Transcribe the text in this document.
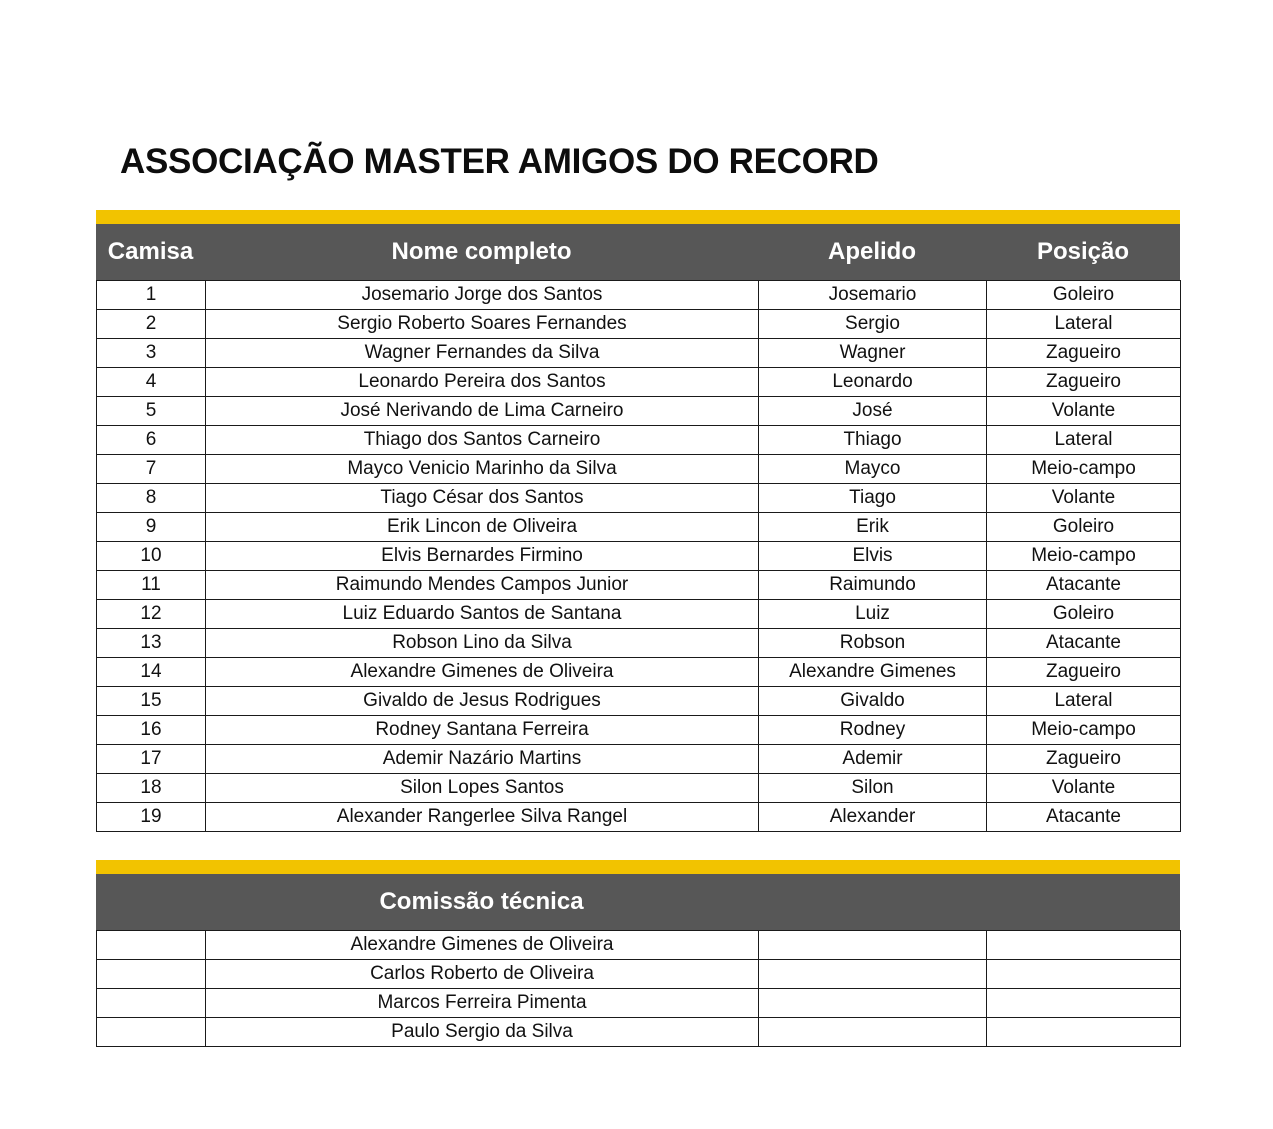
ASSOCIAÇÃO MASTER AMIGOS DO RECORD
Camisa	Nome completo	Apelido	Posição
1	Josemario Jorge dos Santos	Josemario	Goleiro
2	Sergio Roberto Soares Fernandes	Sergio	Lateral
3	Wagner Fernandes da Silva	Wagner	Zagueiro
4	Leonardo Pereira dos Santos	Leonardo	Zagueiro
5	José Nerivando de Lima Carneiro	José	Volante
6	Thiago dos Santos Carneiro	Thiago	Lateral
7	Mayco Venicio Marinho da Silva	Mayco	Meio-campo
8	Tiago César dos Santos	Tiago	Volante
9	Erik Lincon de Oliveira	Erik	Goleiro
10	Elvis Bernardes Firmino	Elvis	Meio-campo
11	Raimundo Mendes Campos Junior	Raimundo	Atacante
12	Luiz Eduardo Santos de Santana	Luiz	Goleiro
13	Robson Lino da Silva	Robson	Atacante
14	Alexandre Gimenes de Oliveira	Alexandre Gimenes	Zagueiro
15	Givaldo de Jesus Rodrigues	Givaldo	Lateral
16	Rodney Santana Ferreira	Rodney	Meio-campo
17	Ademir Nazário Martins	Ademir	Zagueiro
18	Silon Lopes Santos	Silon	Volante
19	Alexander Rangerlee Silva Rangel	Alexander	Atacante
Comissão técnica
	Alexandre Gimenes de Oliveira		
	Carlos Roberto de Oliveira		
	Marcos Ferreira Pimenta		
	Paulo Sergio da Silva		
